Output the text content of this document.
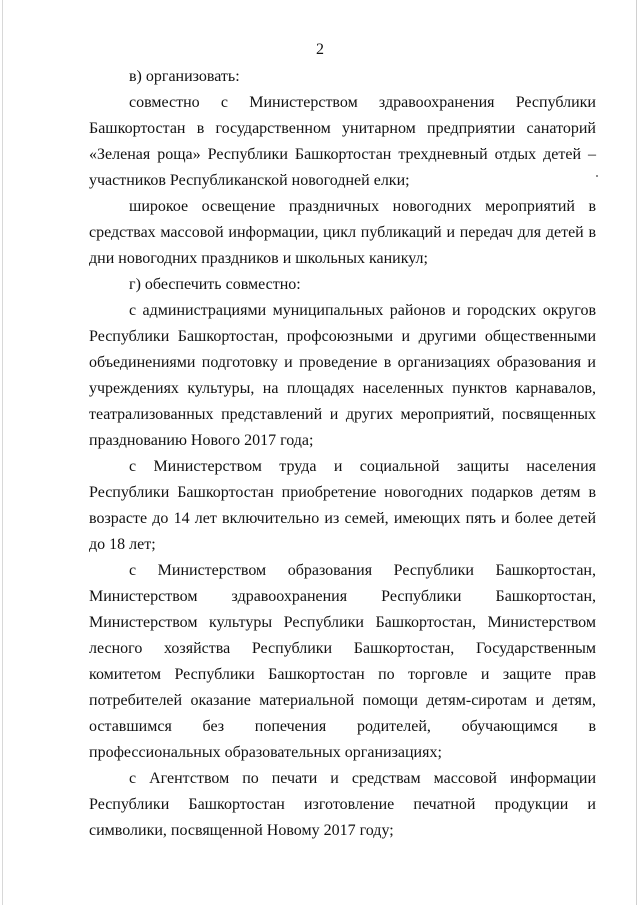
2

в) организовать:

совместно с Министерством здравоохранения Республики Башкортостан в государственном унитарном предприятии санаторий «Зеленая роща» Республики Башкортостан трехдневный отдых детей – участников Республиканской новогодней елки;

широкое освещение праздничных новогодних мероприятий в средствах массовой информации, цикл публикаций и передач для детей в дни новогодних праздников и школьных каникул;

г) обеспечить совместно:

с администрациями муниципальных районов и городских округов Республики Башкортостан, профсоюзными и другими общественными объединениями подготовку и проведение в организациях образования и учреждениях культуры, на площадях населенных пунктов карнавалов, театрализованных представлений и других мероприятий, посвященных празднованию Нового 2017 года;

с Министерством труда и социальной защиты населения Республики Башкортостан приобретение новогодних подарков детям в возрасте до 14 лет включительно из семей, имеющих пять и более детей до 18 лет;

с Министерством образования Республики Башкортостан, Министерством здравоохранения Республики Башкортостан, Министерством культуры Республики Башкортостан, Министерством лесного хозяйства Республики Башкортостан, Государственным комитетом Республики Башкортостан по торговле и защите прав потребителей оказание материальной помощи детям-сиротам и детям, оставшимся без попечения родителей, обучающимся в профессиональных образовательных организациях;

с Агентством по печати и средствам массовой информации Республики Башкортостан изготовление печатной продукции и символики, посвященной Новому 2017 году;
